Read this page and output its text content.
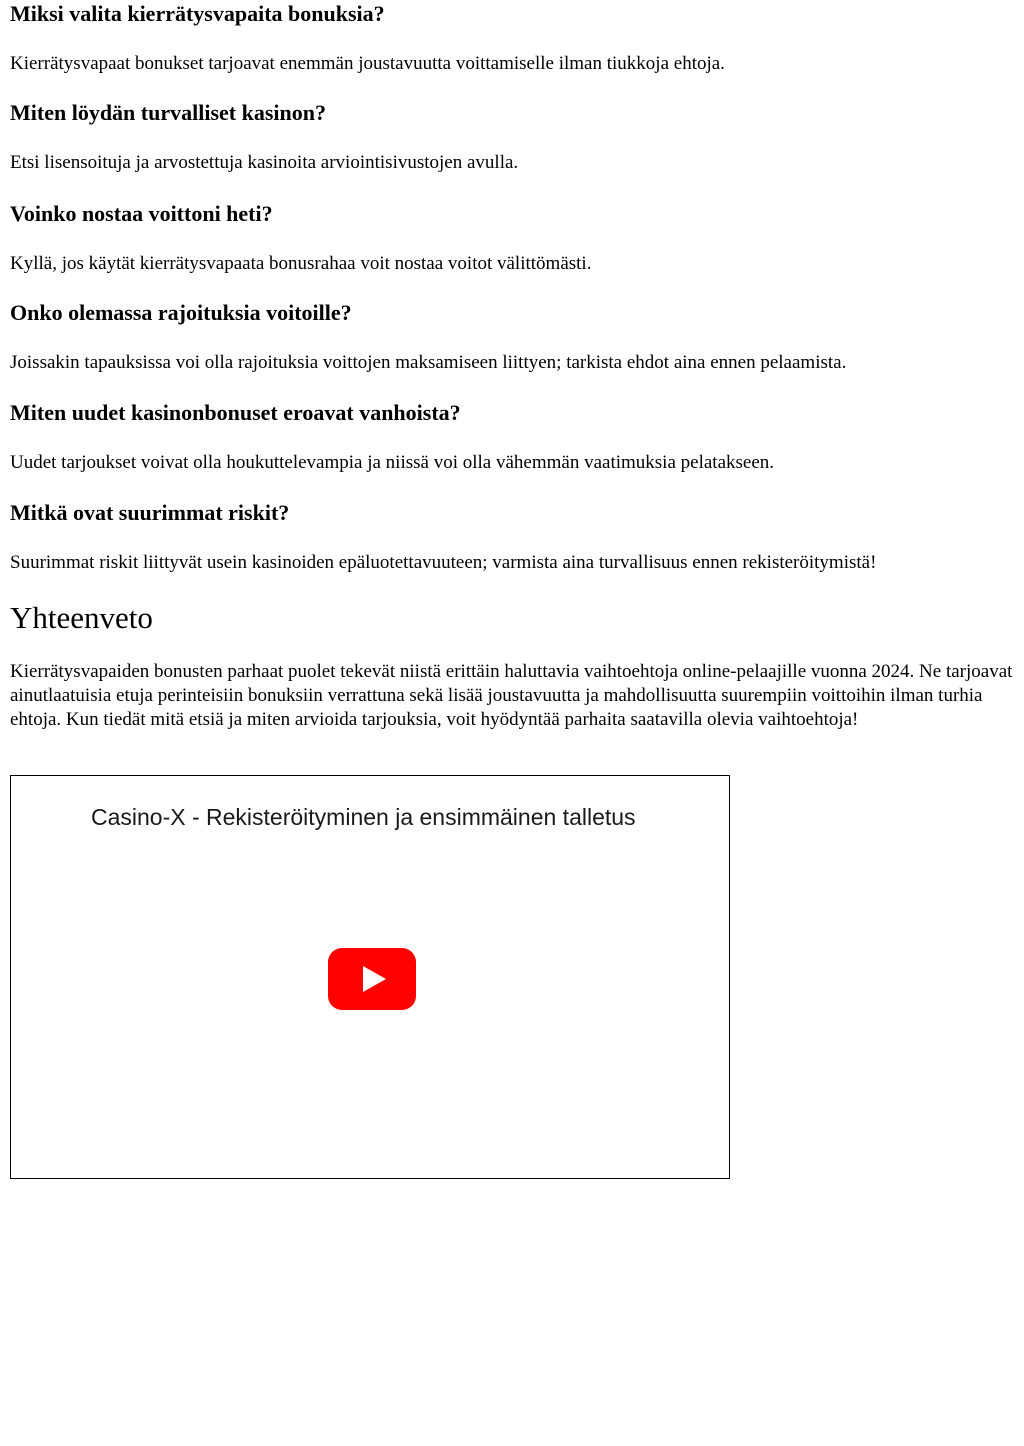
Miksi valita kierrätysvapaita bonuksia?

Kierrätysvapaat bonukset tarjoavat enemmän joustavuutta voittamiselle ilman tiukkoja ehtoja.

Miten löydän turvalliset kasinon?

Etsi lisensoituja ja arvostettuja kasinoita arviointisivustojen avulla.

Voinko nostaa voittoni heti?

Kyllä, jos käytät kierrätysvapaata bonusrahaa voit nostaa voitot välittömästi.

Onko olemassa rajoituksia voitoille?

Joissakin tapauksissa voi olla rajoituksia voittojen maksamiseen liittyen; tarkista ehdot aina ennen pelaamista.

Miten uudet kasinonbonuset eroavat vanhoista?

Uudet tarjoukset voivat olla houkuttelevampia ja niissä voi olla vähemmän vaatimuksia pelatakseen.

Mitkä ovat suurimmat riskit?

Suurimmat riskit liittyvät usein kasinoiden epäluotettavuuteen; varmista aina turvallisuus ennen rekisteröitymistä!

Yhteenveto

Kierrätysvapaiden bonusten parhaat puolet tekevät niistä erittäin haluttavia vaihtoehtoja online-pelaajille vuonna 2024. Ne tarjoavat ainutlaatuisia etuja perinteisiin bonuksiin verrattuna sekä lisää joustavuutta ja mahdollisuutta suurempiin voittoihin ilman turhia ehtoja. Kun tiedät mitä etsiä ja miten arvioida tarjouksia, voit hyödyntää parhaita saatavilla olevia vaihtoehtoja!

Casino-X - Rekisteröityminen ja ensimmäinen talletus
